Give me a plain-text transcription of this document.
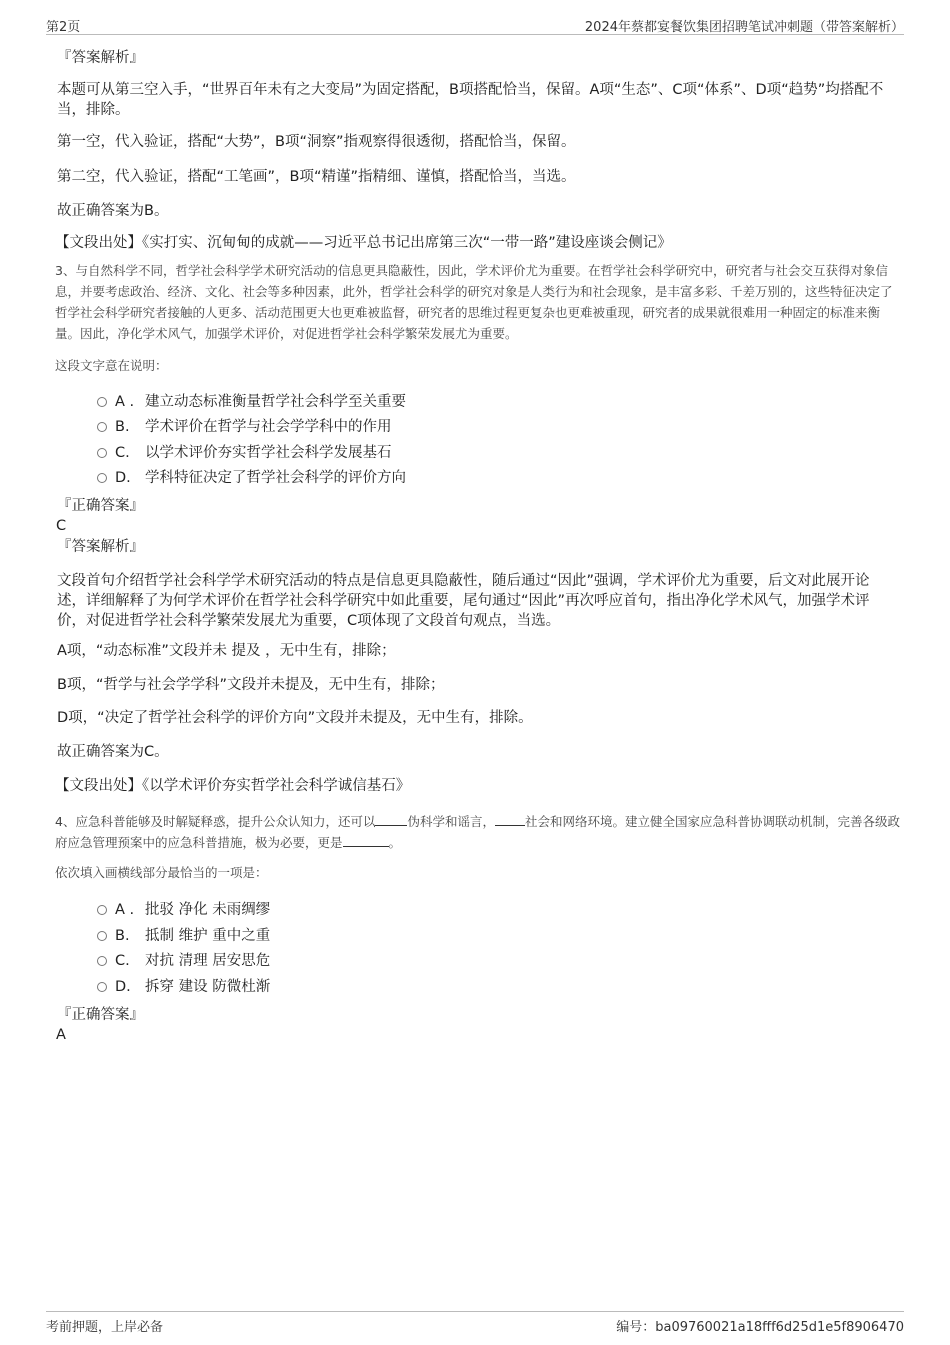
第2页	2024年蔡都宴餐饮集团招聘笔试冲刺题（带答案解析）
『答案解析』
本题可从第三空入手，“世界百年未有之大变局”为固定搭配，B项搭配恰当，保留。A项“生态”、C项“体系”、D项“趋势”均搭配不当，排除。
第一空，代入验证，搭配“大势”，B项“洞察”指观察得很透彻，搭配恰当，保留。
第二空，代入验证，搭配“工笔画”，B项“精谨”指精细、谨慎，搭配恰当，当选。
故正确答案为B。
【文段出处】《实打实、沉甸甸的成就——习近平总书记出席第三次“一带一路”建设座谈会侧记》
3、与自然科学不同，哲学社会科学学术研究活动的信息更具隐蔽性，因此，学术评价尤为重要。在哲学社会科学研究中，研究者与社会交互获得对象信息，并要考虑政治、经济、文化、社会等多种因素，此外，哲学社会科学的研究对象是人类行为和社会现象，是丰富多彩、千差万别的，这些特征决定了哲学社会科学研究者接触的人更多、活动范围更大也更难被监督，研究者的思维过程更复杂也更难被重现，研究者的成果就很难用一种固定的标准来衡量。因此，净化学术风气，加强学术评价，对促进哲学社会科学繁荣发展尤为重要。
这段文字意在说明：
A . 建立动态标准衡量哲学社会科学至关重要
B. 学术评价在哲学与社会学学科中的作用
C. 以学术评价夯实哲学社会科学发展基石
D. 学科特征决定了哲学社会科学的评价方向
『正确答案』
C
『答案解析』
文段首句介绍哲学社会科学学术研究活动的特点是信息更具隐蔽性，随后通过“因此”强调，学术评价尤为重要，后文对此展开论述，详细解释了为何学术评价在哲学社会科学研究中如此重要，尾句通过“因此”再次呼应首句，指出净化学术风气，加强学术评价，对促进哲学社会科学繁荣发展尤为重要，C项体现了文段首句观点，当选。
A项，“动态标准”文段并未 提及 ，无中生有，排除；
B项，“哲学与社会学学科”文段并未提及，无中生有，排除；
D项，“决定了哲学社会科学的评价方向”文段并未提及，无中生有，排除。
故正确答案为C。
【文段出处】《以学术评价夯实哲学社会科学诚信基石》
4、应急科普能够及时解疑释惑，提升公众认知力，还可以	伪科学和谣言， 社会和网络环境。建立健全国家应急科普协调联动机制，完善各级政府应急管理预案中的应急科普措施，极为必要，更是	。
依次填入画横线部分最恰当的一项是：
A . 批驳 净化 未雨绸缪
B. 抵制 维护 重中之重
C. 对抗 清理 居安思危
D. 拆穿 建设 防微杜渐
『正确答案』
A
考前押题，上岸必备	编号：ba09760021a18fff6d25d1e5f8906470
